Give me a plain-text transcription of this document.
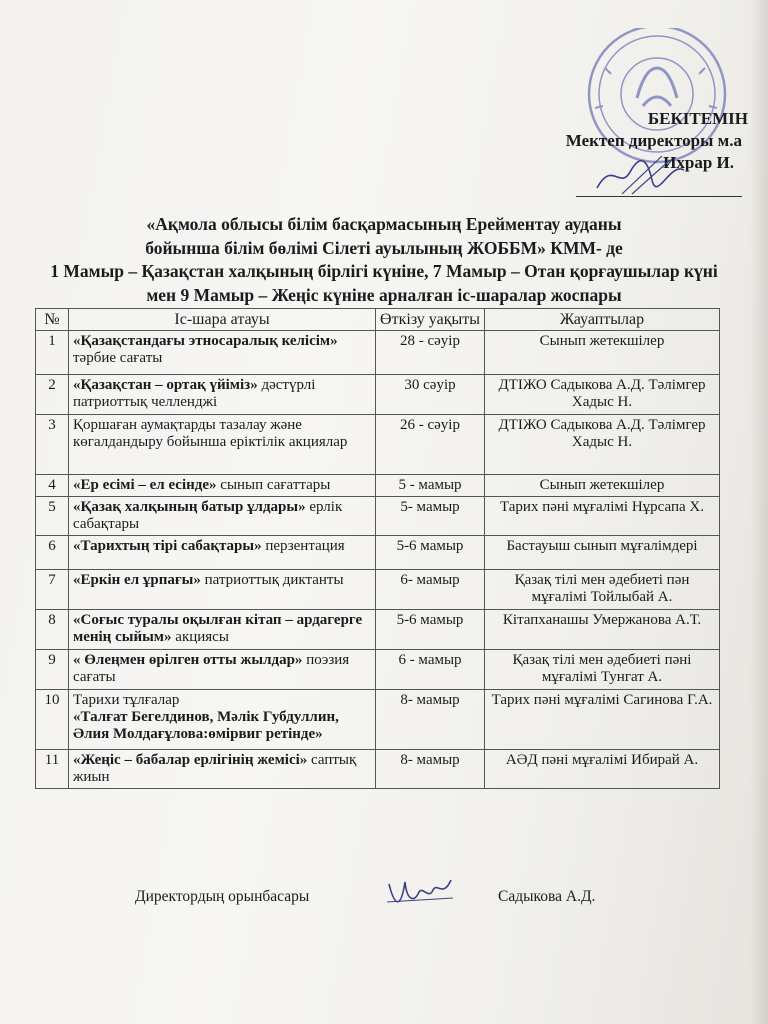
БЕКІТЕМІН
Мектеп директоры м.а
Ихрар И.
«Ақмола облысы білім басқармасының Ерейментау ауданы
бойынша білім бөлімі Сілеті ауылының ЖОББМ» КММ- де
1 Мамыр – Қазақстан халқының бірлігі күніне, 7 Мамыр – Отан қорғаушылар күні
мен 9 Мамыр – Жеңіс күніне арналған іс-шаралар жоспары
№	Іс-шара атауы	Өткізу уақыты	Жауаптылар
1	«Қазақстандағы этносаралық келісім» тәрбие сағаты	28 - сәуір	Сынып жетекшілер
2	«Қазақстан – ортақ үйіміз» дәстүрлі патриоттық челленджі	30 сәуір	ДТІЖО Садыкова А.Д. Тәлімгер Хадыс Н.
3	Қоршаған аумақтарды тазалау және көгалдандыру бойынша еріктілік акциялар	26 - сәуір	ДТІЖО Садыкова А.Д. Тәлімгер Хадыс Н.
4	«Ер есімі – ел есінде» сынып сағаттары	5 - мамыр	Сынып жетекшілер
5	«Қазақ халқының батыр ұлдары» ерлік сабақтары	5- мамыр	Тарих пәні мұғалімі Нұрсапа Х.
6	«Тарихтың тірі сабақтары» перзентация	5-6 мамыр	Бастауыш сынып мұғалімдері
7	«Еркін ел ұрпағы» патриоттық диктанты	6- мамыр	Қазақ тілі мен әдебиеті пән мұғалімі Тойлыбай А.
8	«Соғыс туралы оқылған кітап – ардагерге менің сыйым» акциясы	5-6 мамыр	Кітапханашы Умержанова А.Т.
9	« Өлеңмен өрілген отты жылдар» поэзия сағаты	6 - мамыр	Қазақ тілі мен әдебиеті пәні мұғалімі Тунгат А.
10	Тарихи тұлғалар
«Талғат Бегелдинов, Мәлік Губдуллин, Әлия Молдағұлова:өмірвиг ретінде»	8- мамыр	Тарих пәні мұғалімі Сагинова Г.А.
11	«Жеңіс – бабалар ерлігінің жемісі» саптық жиын	8- мамыр	АӘД пәні мұғалімі Ибирай А.
Директордың орынбасары	Садыкова А.Д.
